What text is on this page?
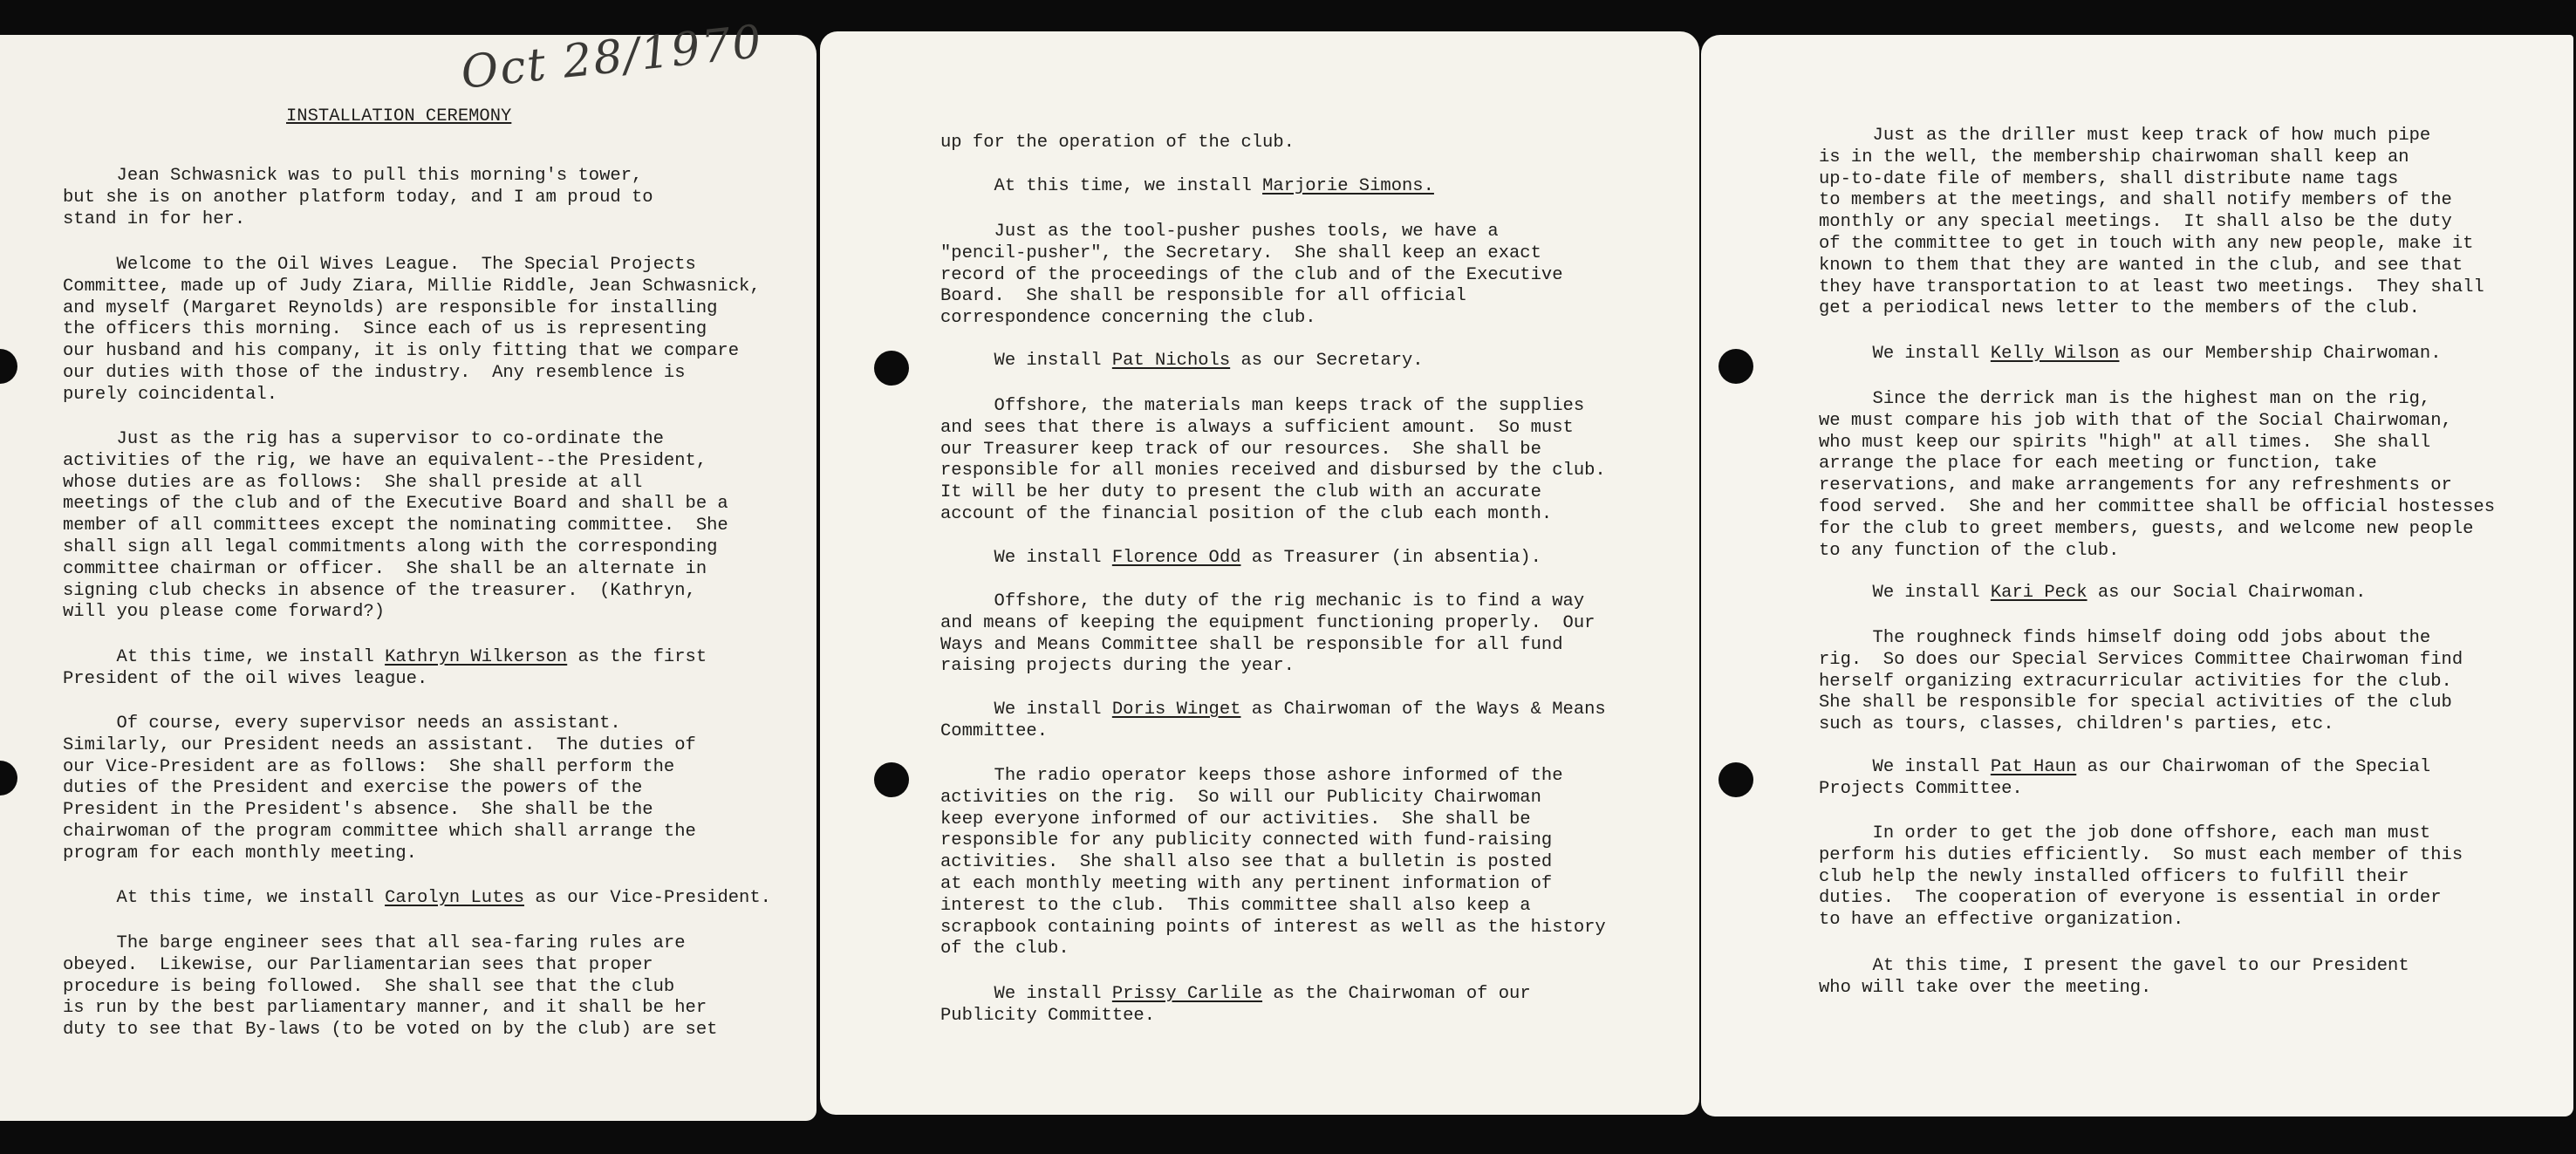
Oct 28/1970

INSTALLATION CEREMONY

Jean Schwasnick was to pull this morning's tower,
but she is on another platform today, and I am proud to
stand in for her.

Welcome to the Oil Wives League.  The Special Projects
Committee, made up of Judy Ziara, Millie Riddle, Jean Schwasnick,
and myself (Margaret Reynolds) are responsible for installing
the officers this morning.  Since each of us is representing
our husband and his company, it is only fitting that we compare
our duties with those of the industry.  Any resemblence is
purely coincidental.

Just as the rig has a supervisor to co-ordinate the
activities of the rig, we have an equivalent--the President,
whose duties are as follows:  She shall preside at all
meetings of the club and of the Executive Board and shall be a
member of all committees except the nominating committee.  She
shall sign all legal commitments along with the corresponding
committee chairman or officer.  She shall be an alternate in
signing club checks in absence of the treasurer.  (Kathryn,
will you please come forward?)

At this time, we install Kathryn Wilkerson as the first
President of the oil wives league.

Of course, every supervisor needs an assistant.
Similarly, our President needs an assistant.  The duties of
our Vice-President are as follows:  She shall perform the
duties of the President and exercise the powers of the
President in the President's absence.  She shall be the
chairwoman of the program committee which shall arrange the
program for each monthly meeting.

At this time, we install Carolyn Lutes as our Vice-President.

The barge engineer sees that all sea-faring rules are
obeyed.  Likewise, our Parliamentarian sees that proper
procedure is being followed.  She shall see that the club
is run by the best parliamentary manner, and it shall be her
duty to see that By-laws (to be voted on by the club) are set

up for the operation of the club.

At this time, we install Marjorie Simons.

Just as the tool-pusher pushes tools, we have a
"pencil-pusher", the Secretary.  She shall keep an exact
record of the proceedings of the club and of the Executive
Board.  She shall be responsible for all official
correspondence concerning the club.

We install Pat Nichols as our Secretary.

Offshore, the materials man keeps track of the supplies
and sees that there is always a sufficient amount.  So must
our Treasurer keep track of our resources.  She shall be
responsible for all monies received and disbursed by the club.
It will be her duty to present the club with an accurate
account of the financial position of the club each month.

We install Florence Odd as Treasurer (in absentia).

Offshore, the duty of the rig mechanic is to find a way
and means of keeping the equipment functioning properly.  Our
Ways and Means Committee shall be responsible for all fund
raising projects during the year.

We install Doris Winget as Chairwoman of the Ways & Means
Committee.

The radio operator keeps those ashore informed of the
activities on the rig.  So will our Publicity Chairwoman
keep everyone informed of our activities.  She shall be
responsible for any publicity connected with fund-raising
activities.  She shall also see that a bulletin is posted
at each monthly meeting with any pertinent information of
interest to the club.  This committee shall also keep a
scrapbook containing points of interest as well as the history
of the club.

We install Prissy Carlile as the Chairwoman of our
Publicity Committee.

Just as the driller must keep track of how much pipe
is in the well, the membership chairwoman shall keep an
up-to-date file of members, shall distribute name tags
to members at the meetings, and shall notify members of the
monthly or any special meetings.  It shall also be the duty
of the committee to get in touch with any new people, make it
known to them that they are wanted in the club, and see that
they have transportation to at least two meetings.  They shall
get a periodical news letter to the members of the club.

We install Kelly Wilson as our Membership Chairwoman.

Since the derrick man is the highest man on the rig,
we must compare his job with that of the Social Chairwoman,
who must keep our spirits "high" at all times.  She shall
arrange the place for each meeting or function, take
reservations, and make arrangements for any refreshments or
food served.  She and her committee shall be official hostesses
for the club to greet members, guests, and welcome new people
to any function of the club.

We install Kari Peck as our Social Chairwoman.

The roughneck finds himself doing odd jobs about the
rig.  So does our Special Services Committee Chairwoman find
herself organizing extracurricular activities for the club.
She shall be responsible for special activities of the club
such as tours, classes, children's parties, etc.

We install Pat Haun as our Chairwoman of the Special
Projects Committee.

In order to get the job done offshore, each man must
perform his duties efficiently.  So must each member of this
club help the newly installed officers to fulfill their
duties.  The cooperation of everyone is essential in order
to have an effective organization.

At this time, I present the gavel to our President
who will take over the meeting.
